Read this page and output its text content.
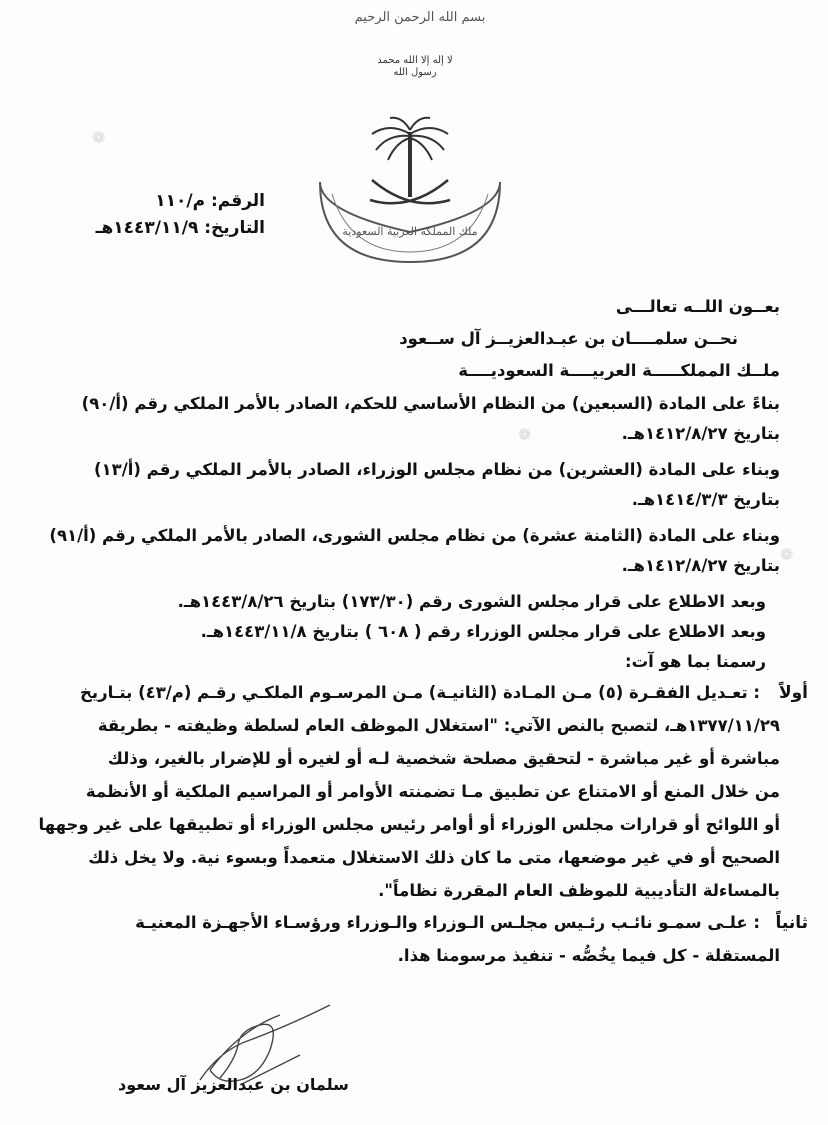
بسم الله الرحمن الرحيم
لا إله إلا الله محمد رسول الله
ملك المملكة العربية السعودية
الرقم: م/١١٠
التاريخ: ١٤٤٣/١١/٩هـ
❁
❁
❁
بعــون اللــه تعالـــى
نحــن سلمــــان بن عبـدالعزيــز آل ســعود
ملــك المملكـــــة العربيــــة السعوديــــة
بناءً على المادة (السبعين) من النظام الأساسي للحكم، الصادر بالأمر الملكي رقم (أ/٩٠)
بتاريخ ١٤١٢/٨/٢٧هـ.
وبناء على المادة (العشرين) من نظام مجلس الوزراء، الصادر بالأمر الملكي رقم (أ/١٣)
بتاريخ ١٤١٤/٣/٣هـ.
وبناء على المادة (الثامنة عشرة) من نظام مجلس الشورى، الصادر بالأمر الملكي رقم (أ/٩١)
بتاريخ ١٤١٢/٨/٢٧هـ.
وبعد الاطلاع على قرار مجلس الشورى رقم (١٧٣/٣٠) بتاريخ ١٤٤٣/٨/٢٦هـ.
وبعد الاطلاع على قرار مجلس الوزراء رقم ( ٦٠٨ ) بتاريخ ١٤٤٣/١١/٨هـ.
رسمنا بما هو آت:
أولاً
: تعـديل الفقـرة (٥) مـن المـادة (الثانيـة) مـن المرسـوم الملكـي رقـم (م/٤٣) بتـاريخ
١٣٧٧/١١/٢٩هـ، لتصبح بالنص الآتي: "استغلال الموظف العام لسلطة وظيفته - بطريقة
مباشرة أو غير مباشرة - لتحقيق مصلحة شخصية لـه أو لغيره أو للإضرار بالغير، وذلك
من خلال المنع أو الامتناع عن تطبيق مـا تضمنته الأوامر أو المراسيم الملكية أو الأنظمة
أو اللوائح أو قرارات مجلس الوزراء أو أوامر رئيس مجلس الوزراء أو تطبيقها على غير وجهها
الصحيح أو في غير موضعها، متى ما كان ذلك الاستغلال متعمداً وبسوء نية. ولا يخل ذلك
بالمساءلة التأديبية للموظف العام المقررة نظاماً".
ثانياً
: علـى سمـو نائـب رئـيس مجلـس الـوزراء والـوزراء ورؤسـاء الأجهـزة المعنيـة
المستقلة - كل فيما يخُصُّه - تنفيذ مرسومنا هذا.
سلمان بن عبدالعزيز آل سعود
